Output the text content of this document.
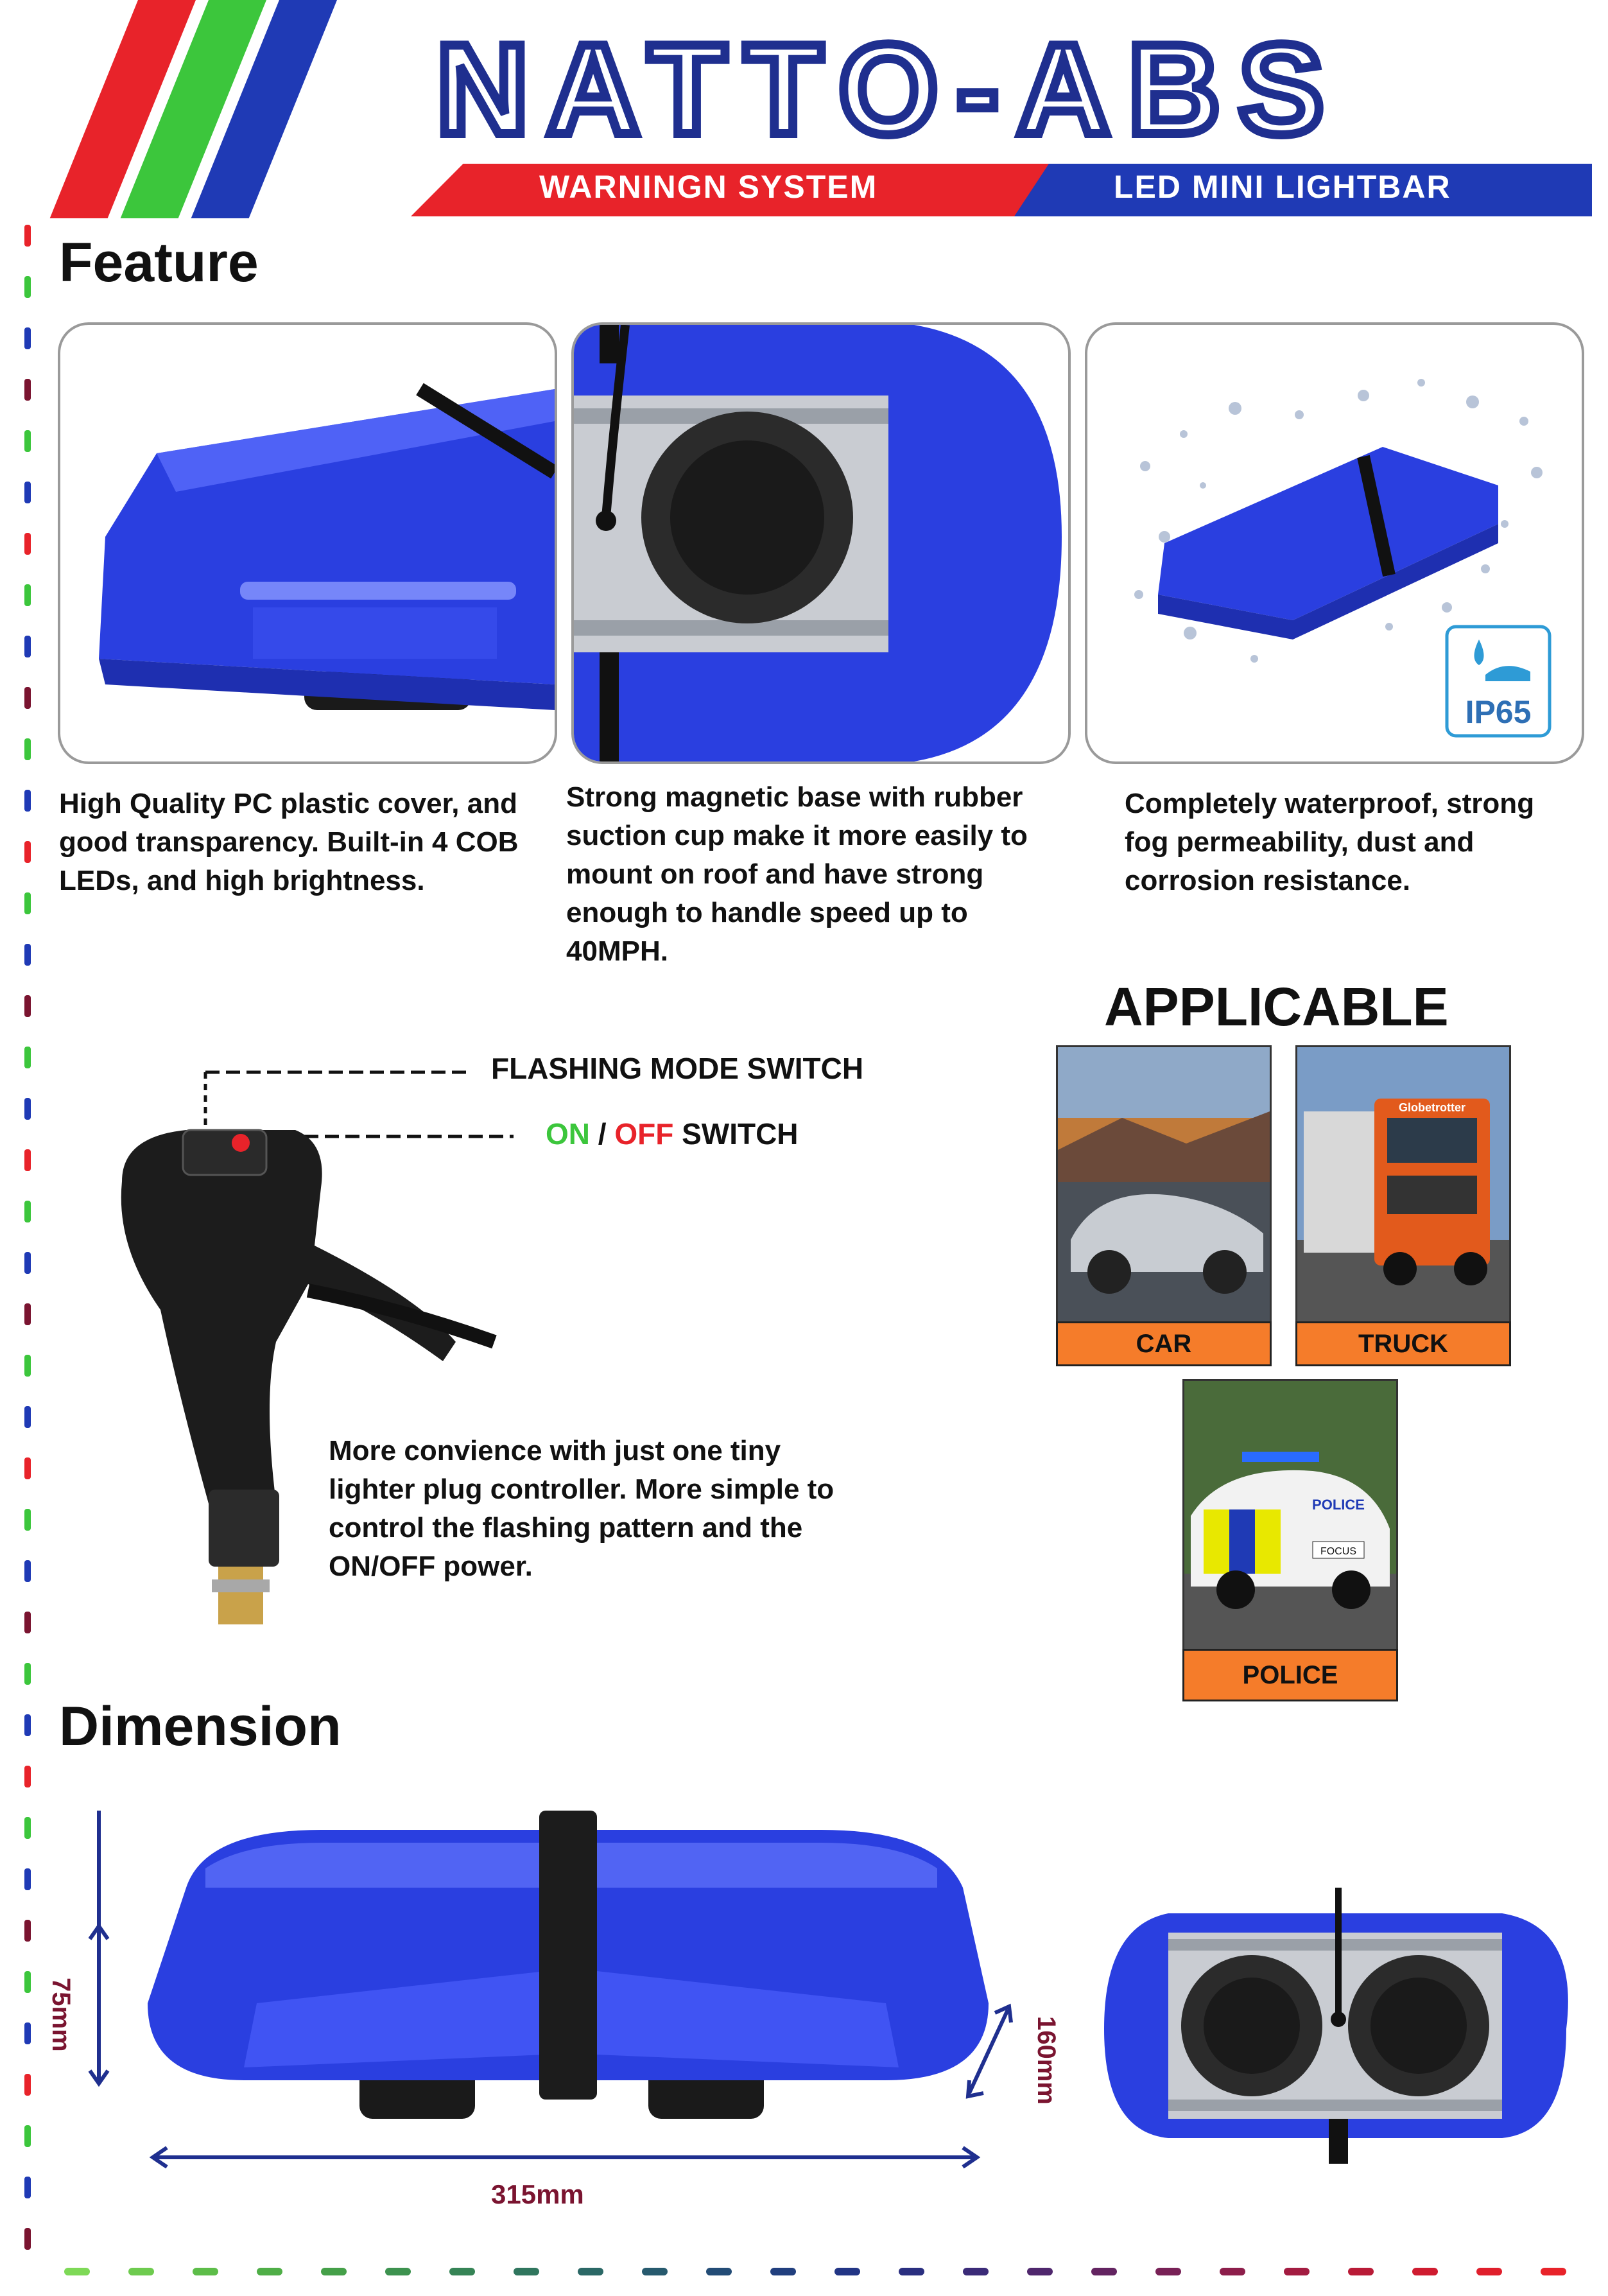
NATTO-ABS
WARNINGN SYSTEM	LED MINI LIGHTBAR
Feature
IP65
High Quality PC plastic cover, and good transparency. Built-in 4 COB LEDs, and high brightness.
Strong magnetic base with rubber suction cup make it more easily to mount on roof and have strong enough to handle speed up to 40MPH.
Completely waterproof, strong fog permeability, dust and corrosion resistance.
FLASHING MODE SWITCH
ON / OFF SWITCH
More convience with just one tiny lighter plug controller. More simple to control the flashing pattern and the ON/OFF power.
APPLICABLE
CAR
Globetrotter
TRUCK
POLICE
FOCUS
POLICE
Dimension
75mm
160mm
315mm
